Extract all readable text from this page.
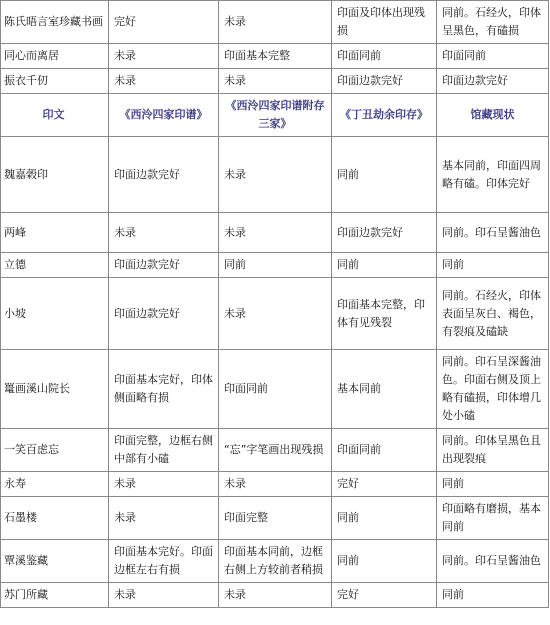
陈氏晤言室珍藏书画	完好	未录	印面及印体出现残损	同前。石经火，印体呈黑色，有磕损
同心而离居	未录	印面基本完整	印面同前	印面同前
振衣千仞	未录	未录	印面边款完好	印面边款完好
印文	《西泠四家印谱》	《西泠四家印谱附存三家》	《丁丑劫余印存》	馆藏现状
魏嘉榖印	印面边款完好	未录	同前	基本同前，印面四周略有磕。印体完好
两峰	未录	未录	印面边款完好	同前。印石呈酱油色
立德	印面边款完好	同前	同前	同前
小坡	印面边款完好	未录	印面基本完整，印体有见残裂	同前。石经火，印体表面呈灰白、褐色，有裂痕及磕缺
鼍画溪山院长	印面基本完好，印体侧面略有损	印面同前	基本同前	同前。印石呈深酱油色。印面右侧及顶上略有磕损，印体增几处小磕
一笑百虑忘	印面完整，边框右侧中部有小磕	“忘”字笔画出现残损	印面同前	同前。印体呈黑色且出现裂痕
永寿	未录	未录	完好	同前
石墨楼	未录	印面完整	同前	印面略有磨损，基本同前
覃溪鉴藏	印面基本完好。印面边框左右有损	印面基本同前，边框右侧上方较前者稍损	同前	同前。印石呈酱油色
苏门所藏	未录	未录	完好	同前
